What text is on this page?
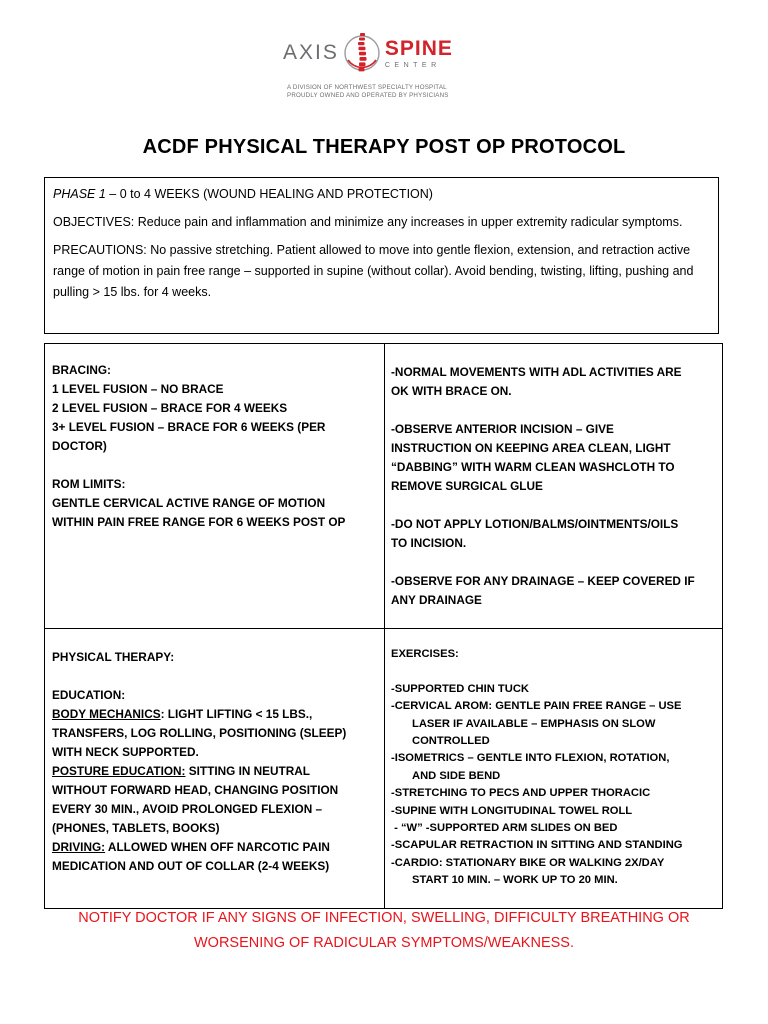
AXIS SPINE
CENTER
A DIVISION OF NORTHWEST SPECIALTY HOSPITAL
PROUDLY OWNED AND OPERATED BY PHYSICIANS
ACDF PHYSICAL THERAPY POST OP PROTOCOL

PHASE 1 – 0 to 4 WEEKS (WOUND HEALING AND PROTECTION)

OBJECTIVES: Reduce pain and inflammation and minimize any increases in upper extremity radicular symptoms.

PRECAUTIONS: No passive stretching. Patient allowed to move into gentle flexion, extension, and retraction active range of motion in pain free range – supported in supine (without collar). Avoid bending, twisting, lifting, pushing and pulling > 15 lbs. for 4 weeks.

BRACING:
1 LEVEL FUSION – NO BRACE
2 LEVEL FUSION – BRACE FOR 4 WEEKS
3+ LEVEL FUSION – BRACE FOR 6 WEEKS (PER
DOCTOR)
ROM LIMITS:
GENTLE CERVICAL ACTIVE RANGE OF MOTION
WITHIN PAIN FREE RANGE FOR 6 WEEKS POST OP
-NORMAL MOVEMENTS WITH ADL ACTIVITIES ARE
OK WITH BRACE ON.
-OBSERVE ANTERIOR INCISION – GIVE
INSTRUCTION ON KEEPING AREA CLEAN, LIGHT
“DABBING” WITH WARM CLEAN WASHCLOTH TO
REMOVE SURGICAL GLUE
-DO NOT APPLY LOTION/BALMS/OINTMENTS/OILS
TO INCISION.
-OBSERVE FOR ANY DRAINAGE – KEEP COVERED IF
ANY DRAINAGE
PHYSICAL THERAPY:
EDUCATION:
BODY MECHANICS: LIGHT LIFTING < 15 LBS.,
TRANSFERS, LOG ROLLING, POSITIONING (SLEEP)
WITH NECK SUPPORTED.
POSTURE EDUCATION: SITTING IN NEUTRAL
WITHOUT FORWARD HEAD, CHANGING POSITION
EVERY 30 MIN., AVOID PROLONGED FLEXION –
(PHONES, TABLETS, BOOKS)
DRIVING: ALLOWED WHEN OFF NARCOTIC PAIN
MEDICATION AND OUT OF COLLAR (2-4 WEEKS)
EXERCISES:
-SUPPORTED CHIN TUCK
-CERVICAL AROM: GENTLE PAIN FREE RANGE – USE
LASER IF AVAILABLE – EMPHASIS ON SLOW
CONTROLLED
-ISOMETRICS – GENTLE INTO FLEXION, ROTATION,
AND SIDE BEND
-STRETCHING TO PECS AND UPPER THORACIC
-SUPINE WITH LONGITUDINAL TOWEL ROLL
- “W” -SUPPORTED ARM SLIDES ON BED
-SCAPULAR RETRACTION IN SITTING AND STANDING
-CARDIO: STATIONARY BIKE OR WALKING 2X/DAY
START 10 MIN. – WORK UP TO 20 MIN.
NOTIFY DOCTOR IF ANY SIGNS OF INFECTION, SWELLING, DIFFICULTY BREATHING OR
WORSENING OF RADICULAR SYMPTOMS/WEAKNESS.
